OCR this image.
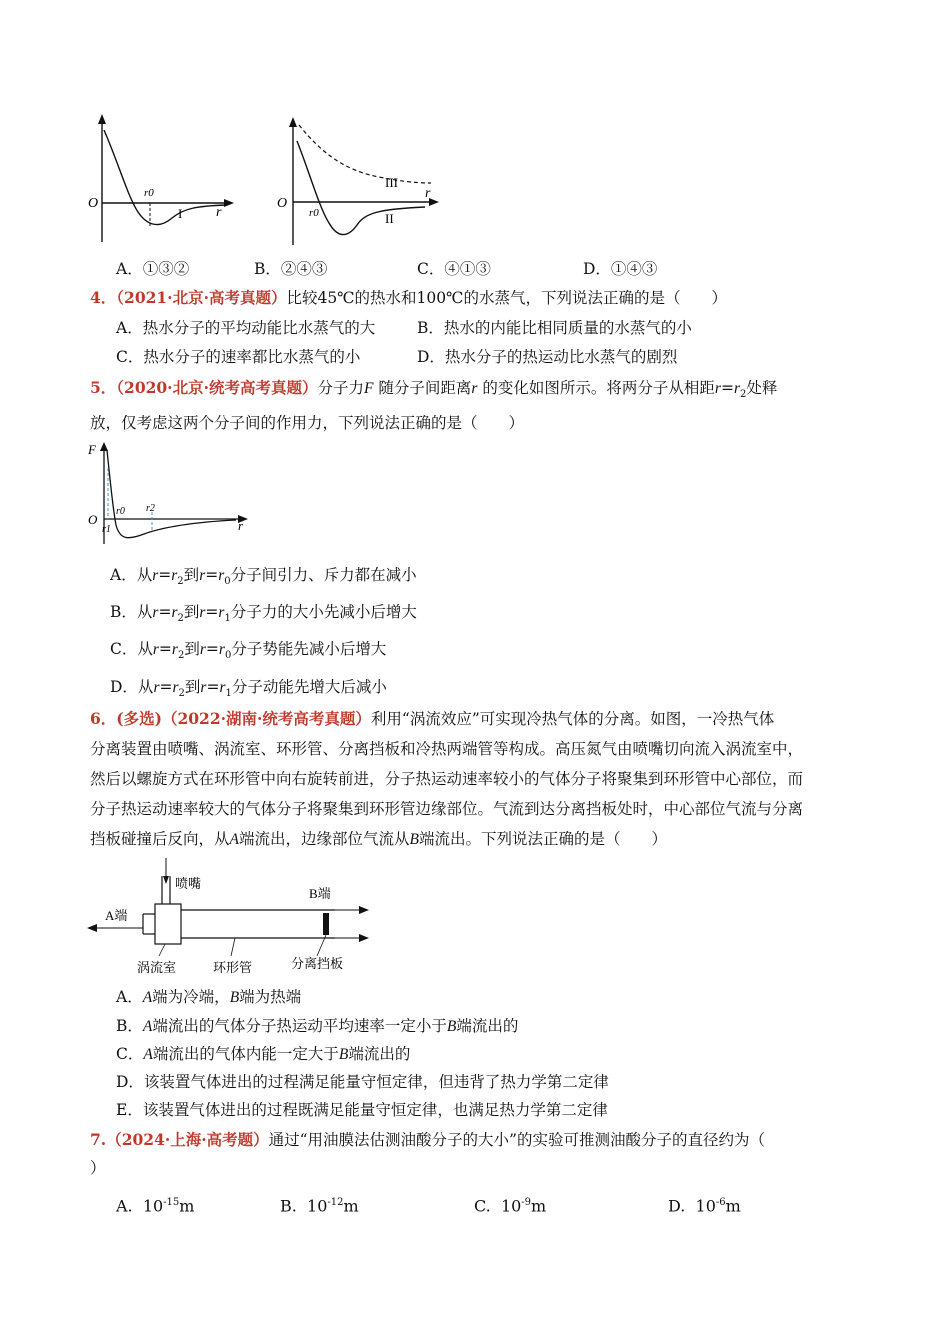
O
r0
r
I
O
r0
r
III
II
A．①③②	B．②④③	C．④①③	D．①④③
4．（2021·北京·高考真题）比较45℃的热水和100℃的水蒸气，下列说法正确的是（　　）
A．热水分子的平均动能比水蒸气的大	B．热水的内能比相同质量的水蒸气的小
C．热水分子的速率都比水蒸气的小	D．热水分子的热运动比水蒸气的剧烈
5．（2020·北京·统考高考真题）分子力F 随分子间距离r 的变化如图所示。将两分子从相距$r=r_2$处释
放，仅考虑这两个分子间的作用力，下列说法正确的是（　　）
F
O
r0
r1
r2
r
A．从$r=r_2$到$r=r_0$分子间引力、斥力都在减小
B．从$r=r_2$到$r=r_1$分子力的大小先减小后增大
C．从$r=r_2$到$r=r_0$分子势能先减小后增大
D．从$r=r_2$到$r=r_1$分子动能先增大后减小
6．(多选)（2022·湖南·统考高考真题）利用“涡流效应”可实现冷热气体的分离。如图，一冷热气体
分离装置由喷嘴、涡流室、环形管、分离挡板和冷热两端管等构成。高压氮气由喷嘴切向流入涡流室中，
然后以螺旋方式在环形管中向右旋转前进，分子热运动速率较小的气体分子将聚集到环形管中心部位，而
分子热运动速率较大的气体分子将聚集到环形管边缘部位。气流到达分离挡板处时，中心部位气流与分离
挡板碰撞后反向，从A端流出，边缘部位气流从B端流出。下列说法正确的是（　　）
喷嘴
B端
A端
涡流室	环形管	分离挡板
A．A端为冷端，B端为热端
B．A端流出的气体分子热运动平均速率一定小于B端流出的
C．A端流出的气体内能一定大于B端流出的
D．该装置气体进出的过程满足能量守恒定律，但违背了热力学第二定律
E．该装置气体进出的过程既满足能量守恒定律，也满足热力学第二定律
7.（2024·上海·高考题）通过“用油膜法估测油酸分子的大小”的实验可推测油酸分子的直径约为（
）
A. $10^{-15}m$	B. $10^{-12}m$	C. $10^{-9}m$	D. $10^{-6}m$
